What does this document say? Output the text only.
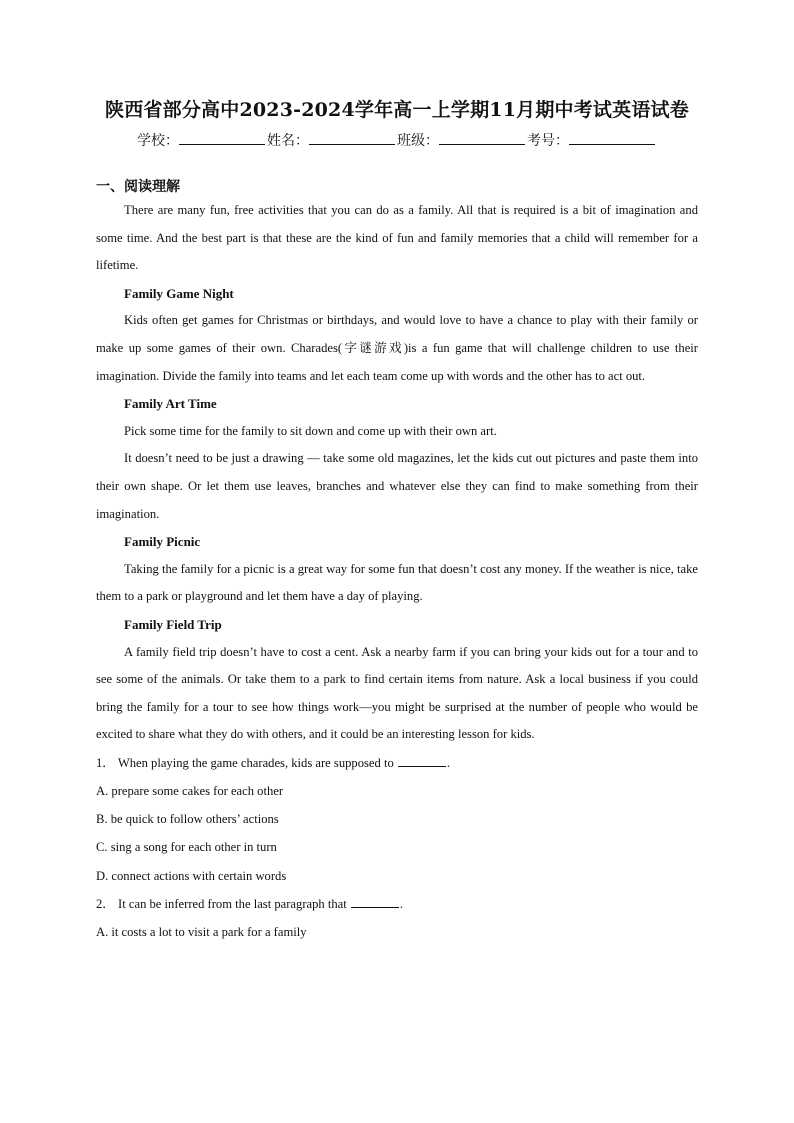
陕西省部分高中2023-2024学年高一上学期11月期中考试英语试卷
学校：	姓名：	班级：	考号：
一、阅读理解

There are many fun, free activities that you can do as a family. All that is required is a bit of imagination and some time. And the best part is that these are the kind of fun and family memories that a child will remember for a lifetime.

Family Game Night

Kids often get games for Christmas or birthdays, and would love to have a chance to play with their family or make up some games of their own. Charades(字谜游戏)is a fun game that will challenge children to use their imagination. Divide the family into teams and let each team come up with words and the other has to act out.

Family Art Time

Pick some time for the family to sit down and come up with their own art.

It doesn’t need to be just a drawing — take some old magazines, let the kids cut out pictures and paste them into their own shape. Or let them use leaves, branches and whatever else they can find to make something from their imagination.

Family Picnic

Taking the family for a picnic is a great way for some fun that doesn’t cost any money. If the weather is nice, take them to a park or playground and let them have a day of playing.

Family Field Trip

A family field trip doesn’t have to cost a cent. Ask a nearby farm if you can bring your kids out for a tour and to see some of the animals. Or take them to a park to find certain items from nature. Ask a local business if you could bring the family for a tour to see how things work—you might be surprised at the number of people who would be excited to share what they do with others, and it could be an interesting lesson for kids.

1． When playing the game charades, kids are supposed to	.

A. prepare some cakes for each other

B. be quick to follow others’ actions

C. sing a song for each other in turn

D. connect actions with certain words

2． It can be inferred from the last paragraph that	.

A. it costs a lot to visit a park for a family
